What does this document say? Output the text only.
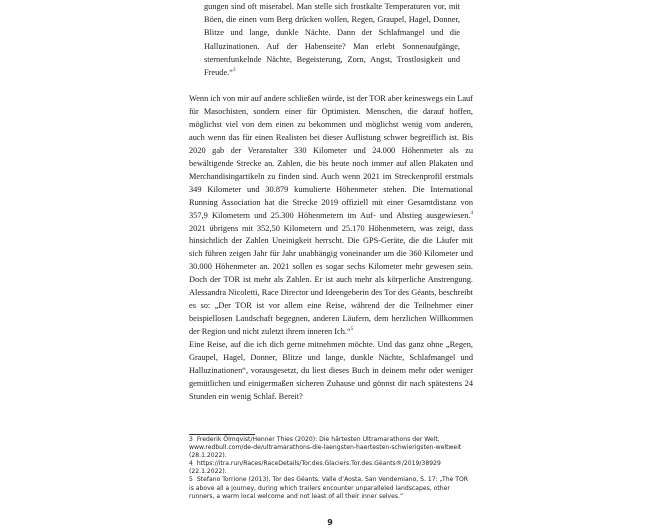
gungen sind oft miserabel. Man stelle sich frostkalte Temperaturen vor, mit Böen, die einen vom Berg drücken wollen, Regen, Graupel, Hagel, Donner, Blitze und lange, dunkle Nächte. Dann der Schlafmangel und die Halluzinationen. Auf der Habenseite? Man erlebt Sonnenaufgänge, sternenfunkelnde Nächte, Begeisterung, Zorn, Angst, Trostlosigkeit und Freude.“$^3$

Wenn ich von mir auf andere schließen würde, ist der TOR aber keineswegs ein Lauf für Masochisten, sondern einer für Optimisten. Menschen, die darauf hoffen, möglichst viel von dem einen zu bekommen und möglichst wenig vom anderen, auch wenn das für einen Realisten bei dieser Auflistung schwer begreiflich ist. Bis 2020 gab der Veranstalter 330 Kilometer und 24.000 Höhenmeter als zu bewältigende Strecke an. Zahlen, die bis heute noch immer auf allen Plakaten und Merchandisingartikeln zu finden sind. Auch wenn 2021 im Streckenprofil erstmals 349 Kilometer und 30.879 kumulierte Höhenmeter stehen. Die International Running Association hat die Strecke 2019 offiziell mit einer Gesamtdistanz von 357,9 Kilometern und 25.300 Höhenmetern im Auf- und Abstieg ausgewiesen.$^4$ 2021 übrigens mit 352,50 Kilometern und 25.170 Höhenmetern, was zeigt, dass hinsichtlich der Zahlen Uneinigkeit herrscht. Die GPS-Geräte, die die Läufer mit sich führen zeigen Jahr für Jahr unabhängig voneinander um die 360 Kilometer und 30.000 Höhenmeter an. 2021 sollen es sogar sechs Kilometer mehr gewesen sein. Doch der TOR ist mehr als Zahlen. Er ist auch mehr als körperliche Anstrengung. Alessandra Nicoletti, Race Director und Ideengeberin des Tor des Géants, beschreibt es so: „Der TOR ist vor allem eine Reise, während der die Teilnehmer einer beispiellosen Landschaft begegnen, anderen Läufern, dem herzlichen Willkommen der Region und nicht zuletzt ihrem inneren Ich.“$^5$

Eine Reise, auf die ich dich gerne mitnehmen möchte. Und das ganz ohne „Regen, Graupel, Hagel, Donner, Blitze und lange, dunkle Nächte, Schlafmangel und Halluzinationen“, vorausgesetzt, du liest dieses Buch in deinem mehr oder weniger gemütlichen und einigermaßen sicheren Zuhause und gönnst dir nach spätestens 24 Stunden ein wenig Schlaf. Bereit?

3 Frederik Ölmqvist/Henner Thies (2020): Die härtesten Ultramarathons der Welt, www.redbull.com/de-de/ultramarathons-die-laengsten-haertesten-schwierigsten-weltweit (28.1.2022).

4 https://itra.run/Races/RaceDetails/Tor.des.Glaciers.Tor.des.Géants®/2019/38929 (22.1.2022).

5 Stefano Torrione (2013), Tor des Géants. Valle d’Aosta, San Vendemiano, S. 17: „The TOR is above all a journey, during which trailers encounter unparalleled landscapes, other runners, a warm local welcome and not least of all their inner selves.“

9
